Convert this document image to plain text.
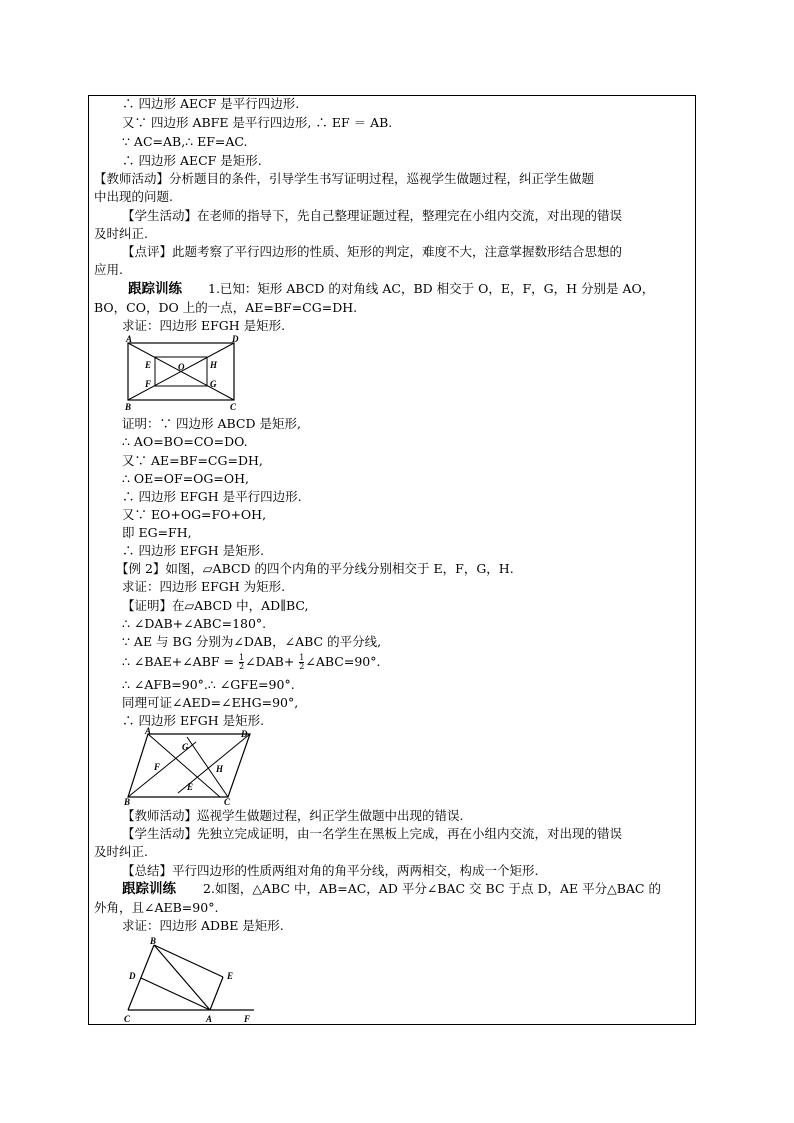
∴ 四边形 AECF 是平行四边形.
又∵ 四边形 ABFE 是平行四边形, ∴ EF ＝ AB.
∵ AC=AB,∴ EF=AC.
∴ 四边形 AECF 是矩形.
【教师活动】分析题目的条件，引导学生书写证明过程，巡视学生做题过程，纠正学生做题
中出现的问题.
【学生活动】在老师的指导下，先自己整理证题过程，整理完在小组内交流，对出现的错误
及时纠正.
【点评】此题考察了平行四边形的性质、矩形的判定，难度不大，注意掌握数形结合思想的
应用.
跟踪训练 1.已知：矩形 ABCD 的对角线 AC，BD 相交于 O，E，F，G，H 分别是 AO，
BO，CO，DO 上的一点，AE=BF=CG=DH.
求证：四边形 EFGH 是矩形.
A	D
B	C
E
F
H
G
O
证明：∵ 四边形 ABCD 是矩形,
∴ AO=BO=CO=DO.
又∵ AE=BF=CG=DH,
∴ OE=OF=OG=OH,
∴ 四边形 EFGH 是平行四边形.
又∵ EO+OG=FO+OH,
即 EG=FH,
∴ 四边形 EFGH 是矩形.
【例 2】如图，▱ABCD 的四个内角的平分线分别相交于 E，F，G，H.
求证：四边形 EFGH 为矩形.
【证明】在▱ABCD 中，AD∥BC,
∴ ∠DAB+∠ABC=180°.
∵ AE 与 BG 分别为∠DAB，∠ABC 的平分线,
∴ ∠BAE+∠ABF = $\frac{1}{2}$ ∠DAB+ $\frac{1}{2}$ ∠ABC=90°.
∴ ∠AFB=90°.∴ ∠GFE=90°.
同理可证∠AED=∠EHG=90°,
∴ 四边形 EFGH 是矩形.
A	D
B	C
G
F	H
E
【教师活动】巡视学生做题过程，纠正学生做题中出现的错误.
【学生活动】先独立完成证明，由一名学生在黑板上完成，再在小组内交流，对出现的错误
及时纠正.
【总结】平行四边形的性质两组对角的角平分线，两两相交，构成一个矩形.
跟踪训练 2.如图，△ABC 中，AB=AC，AD 平分∠BAC 交 BC 于点 D，AE 平分△BAC 的
外角，且∠AEB=90°.
求证：四边形 ADBE 是矩形.
B
D	E
C	A	F
